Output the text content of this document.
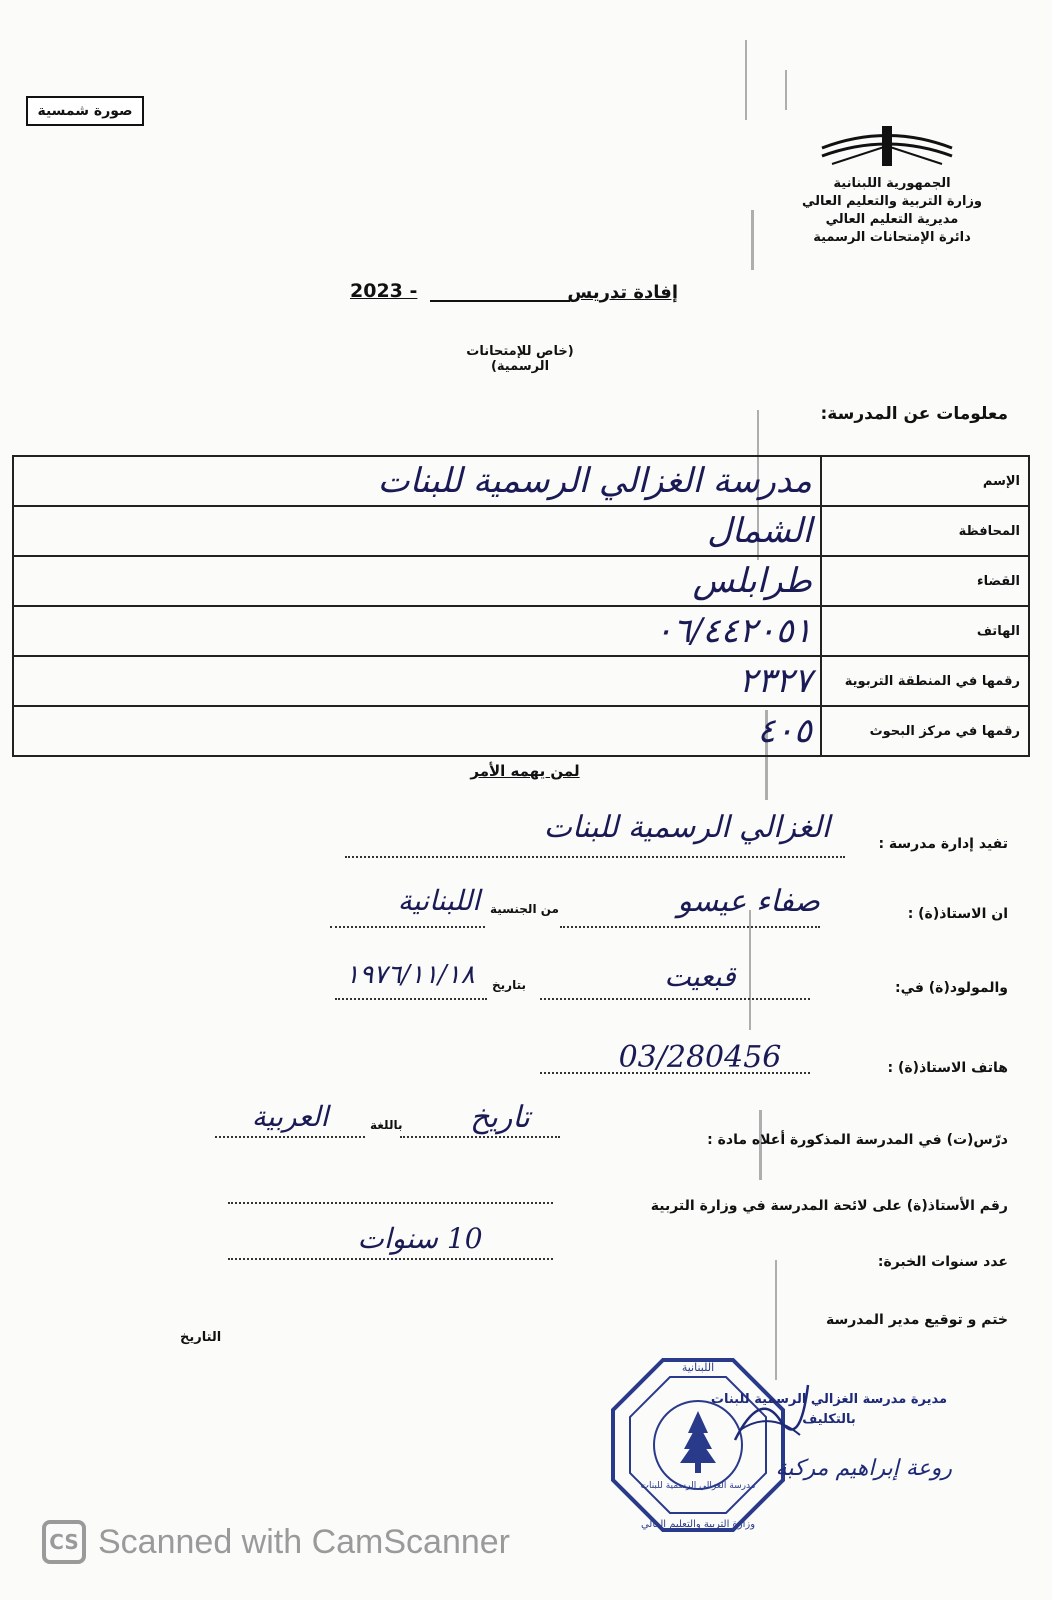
صورة شمسية
الجمهورية اللبنانية
وزارة التربية والتعليم العالي
مديرية التعليم العالي
دائرة الإمتحانات الرسمية
إفادة تدريس
2023 -
(خاص للإمتحانات الرسمية)
معلومات عن المدرسة:
الإسم	مدرسة الغزالي الرسمية للبنات
المحافظة	الشمال
القضاء	طرابلس
الهاتف	٠٦/٤٤٢٠٥١
رقمها في المنطقة التربوية	٢٣٢٧
رقمها في مركز البحوث	٤٠٥
لمن يهمه الأمر
تفيد إدارة مدرسة :
الغزالي الرسمية للبنات
ان الاستاذ(ة) :
صفاء عيسو
من الجنسية
اللبنانية
والمولود(ة) في:
قبعيت
بتاريخ
١٩٧٦/١١/١٨
هاتف الاستاذ(ة) :
03/280456
درّس(ت) في المدرسة المذكورة أعلاه مادة :
تاريخ
باللغة
العربية
رقم الأستاذ(ة) على لائحة المدرسة في وزارة التربية
عدد سنوات الخبرة:
10 سنوات
ختم و توقيع مدير المدرسة
التاريخ
اللبنانية
مدرسة الغزالي الرسمية للبنات
وزارة التربية والتعليم العالي
مديرة مدرسة الغزالي الرسمية للبنات
بالتكليف
روعة إبراهيم مركبة
CS Scanned with CamScanner
